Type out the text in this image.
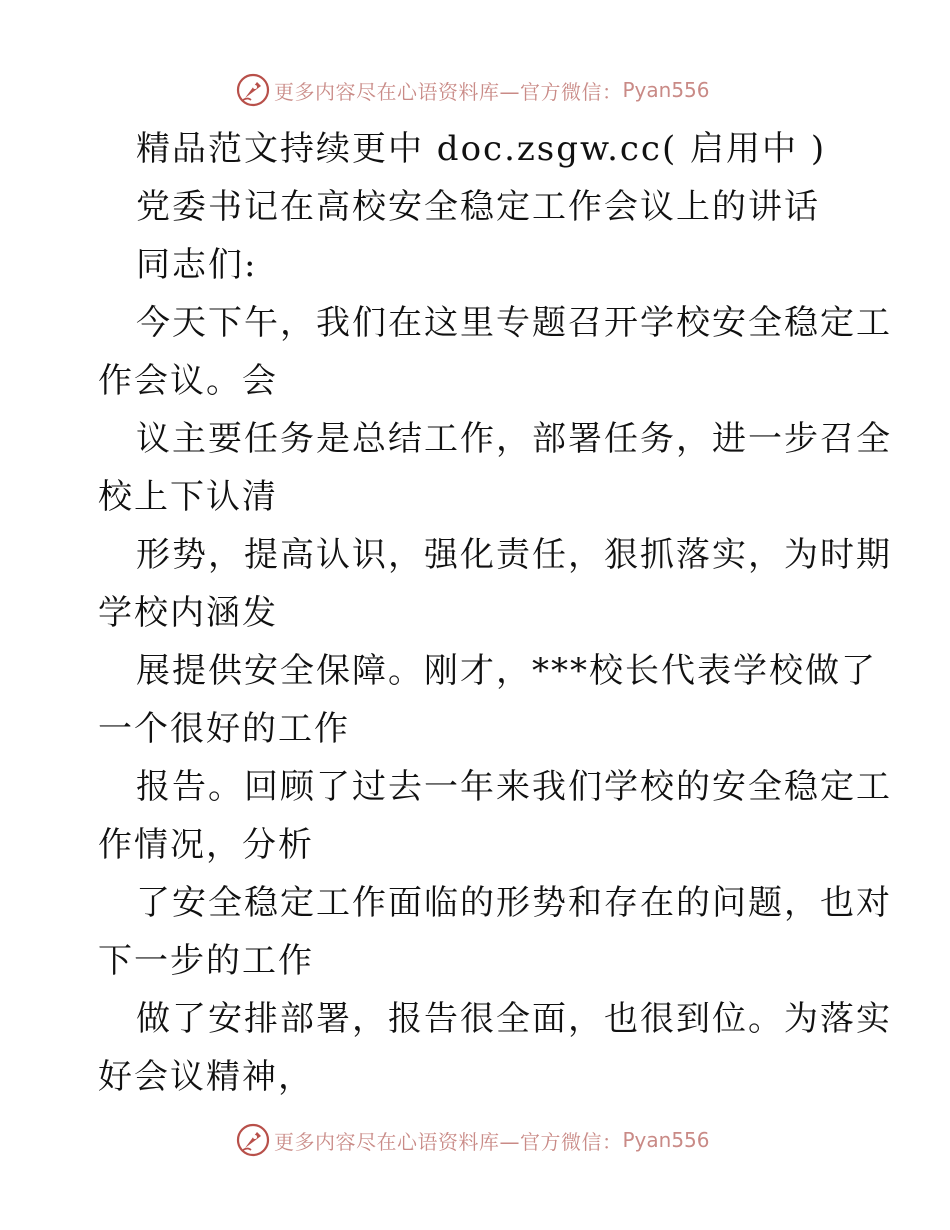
更多内容尽在心语资料库—官方微信： Pyan556
精品范文持续更中 doc.zsgw.cc( 启用中 )
党委书记在高校安全稳定工作会议上的讲话
同志们:
今天下午，我们在这里专题召开学校安全稳定工
作会议。会
议主要任务是总结工作，部署任务，进一步召全
校上下认清
形势，提高认识，强化责任，狠抓落实，为时期
学校内涵发
展提供安全保障。刚才，***校长代表学校做了
一个很好的工作
报告。回顾了过去一年来我们学校的安全稳定工
作情况，分析
了安全稳定工作面临的形势和存在的问题，也对
下一步的工作
做了安排部署，报告很全面，也很到位。为落实
好会议精神，
更多内容尽在心语资料库—官方微信： Pyan556
